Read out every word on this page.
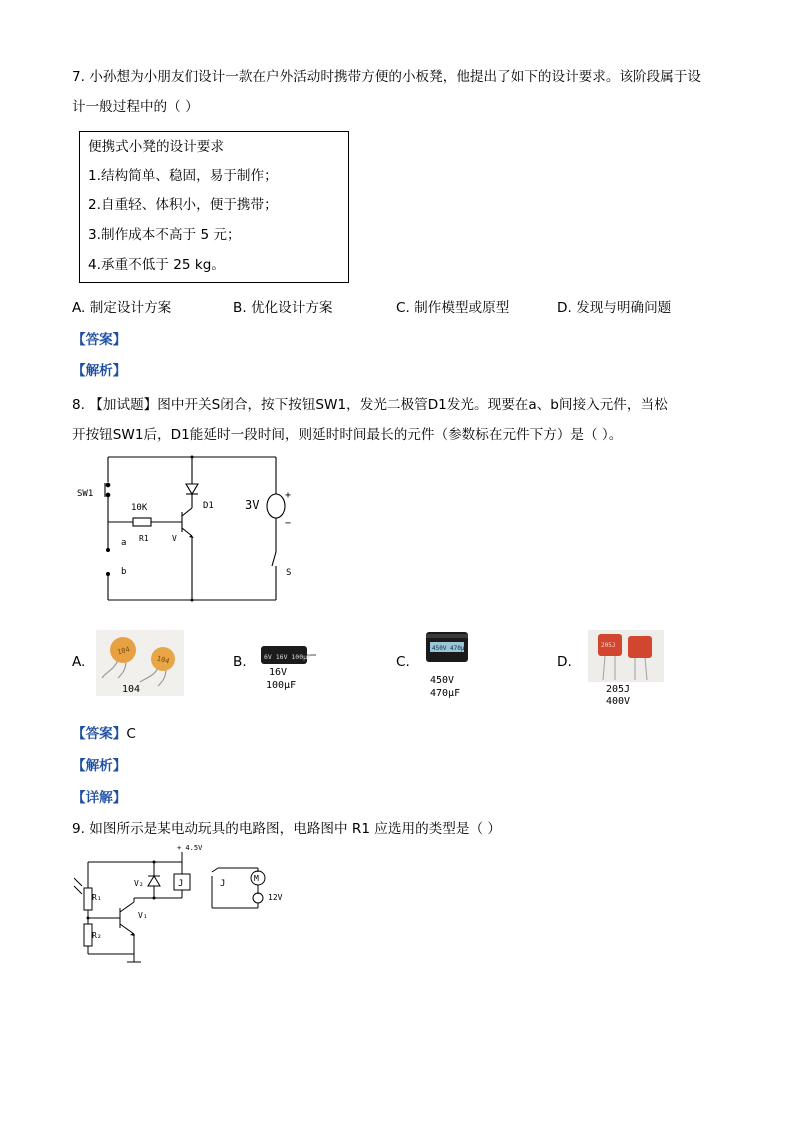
7. 小孙想为小朋友们设计一款在户外活动时携带方便的小板凳，他提出了如下的设计要求。该阶段属于设
计一般过程中的（ ）
便携式小凳的设计要求
1.结构简单、稳固，易于制作；
2.自重轻、体积小，便于携带；
3.制作成本不高于 5 元；
4.承重不低于 25 kg。
A. 制定设计方案	B. 优化设计方案	C. 制作模型或原型	D. 发现与明确问题
【答案】
【解析】
8. 【加试题】图中开关S闭合，按下按钮SW1，发光二极管D1发光。现要在a、b间接入元件，当松
开按钮SW1后，D1能延时一段时间，则延时时间最长的元件（参数标在元件下方）是（ ）。
SW1
10K
R1	V
D1
a
b
3V
+
−
S
A.
104
104
104
B.	6V 16V 100μF
16V
100μF
C.
450V 470μF
450V
470μF
D.
205J
205J
400V
【答案】C
【解析】
【详解】
9. 如图所示是某电动玩具的电路图，电路图中 R1 应选用的类型是（ ）
+ 4.5V
R₁
R₂
V₂
V₁
J	J
M
12V
